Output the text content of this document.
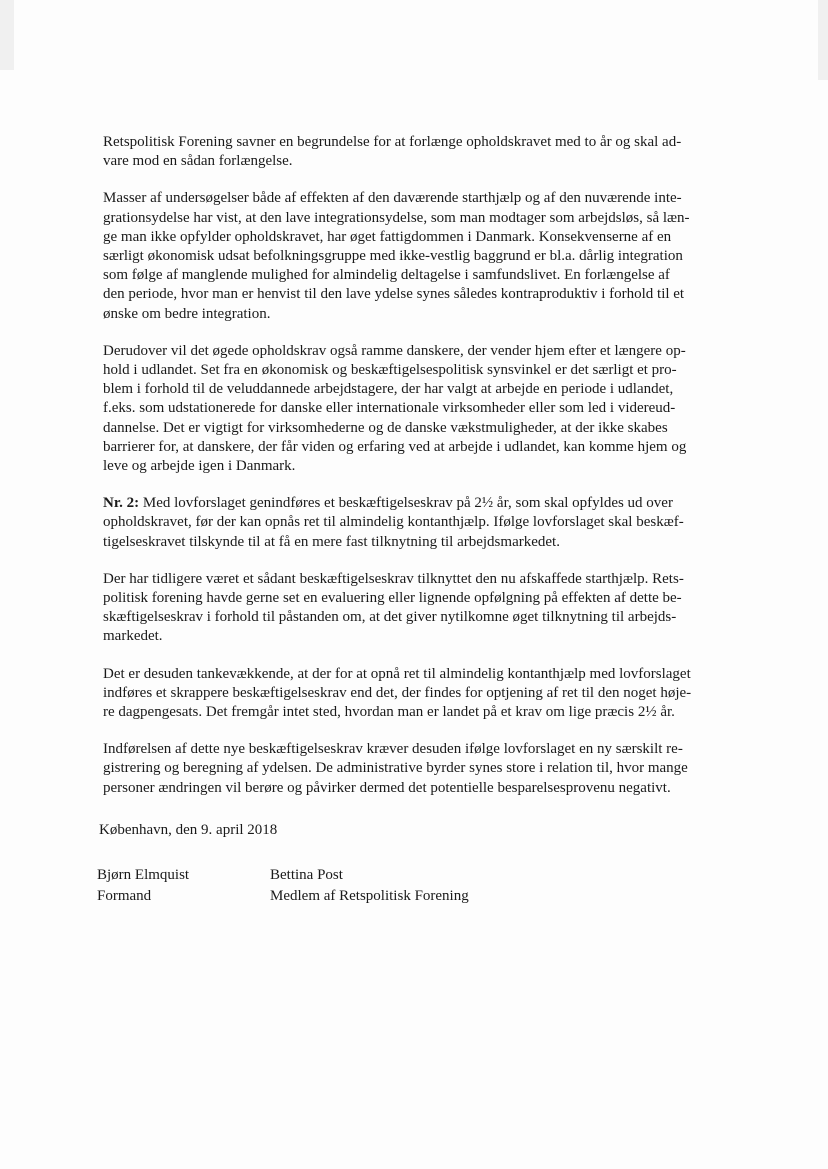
Retspolitisk Forening savner en begrundelse for at forlænge opholdskravet med to år og skal ad-
vare mod en sådan forlængelse.

Masser af undersøgelser både af effekten af den daværende starthjælp og af den nuværende inte-
grationsydelse har vist, at den lave integrationsydelse, som man modtager som arbejdsløs, så læn-
ge man ikke opfylder opholdskravet, har øget fattigdommen i Danmark. Konsekvenserne af en
særligt økonomisk udsat befolkningsgruppe med ikke-vestlig baggrund er bl.a. dårlig integration
som følge af manglende mulighed for almindelig deltagelse i samfundslivet. En forlængelse af
den periode, hvor man er henvist til den lave ydelse synes således kontraproduktiv i forhold til et
ønske om bedre integration.

Derudover vil det øgede opholdskrav også ramme danskere, der vender hjem efter et længere op-
hold i udlandet. Set fra en økonomisk og beskæftigelsespolitisk synsvinkel er det særligt et pro-
blem i forhold til de veluddannede arbejdstagere, der har valgt at arbejde en periode i udlandet,
f.eks. som udstationerede for danske eller internationale virksomheder eller som led i videreud-
dannelse. Det er vigtigt for virksomhederne og de danske vækstmuligheder, at der ikke skabes
barrierer for, at danskere, der får viden og erfaring ved at arbejde i udlandet, kan komme hjem og
leve og arbejde igen i Danmark.

Nr. 2: Med lovforslaget genindføres et beskæftigelseskrav på 2½ år, som skal opfyldes ud over
opholdskravet, før der kan opnås ret til almindelig kontanthjælp. Ifølge lovforslaget skal beskæf-
tigelseskravet tilskynde til at få en mere fast tilknytning til arbejdsmarkedet.

Der har tidligere været et sådant beskæftigelseskrav tilknyttet den nu afskaffede starthjælp. Rets-
politisk forening havde gerne set en evaluering eller lignende opfølgning på effekten af dette be-
skæftigelseskrav i forhold til påstanden om, at det giver nytilkomne øget tilknytning til arbejds-
markedet.

Det er desuden tankevækkende, at der for at opnå ret til almindelig kontanthjælp med lovforslaget
indføres et skrappere beskæftigelseskrav end det, der findes for optjening af ret til den noget høje-
re dagpengesats. Det fremgår intet sted, hvordan man er landet på et krav om lige præcis 2½ år.

Indførelsen af dette nye beskæftigelseskrav kræver desuden ifølge lovforslaget en ny særskilt re-
gistrering og beregning af ydelsen. De administrative byrder synes store i relation til, hvor mange
personer ændringen vil berøre og påvirker dermed det potentielle besparelsesprovenu negativt.

København, den 9. april 2018
Bjørn Elmquist
Formand
Bettina Post
Medlem af Retspolitisk Forening
